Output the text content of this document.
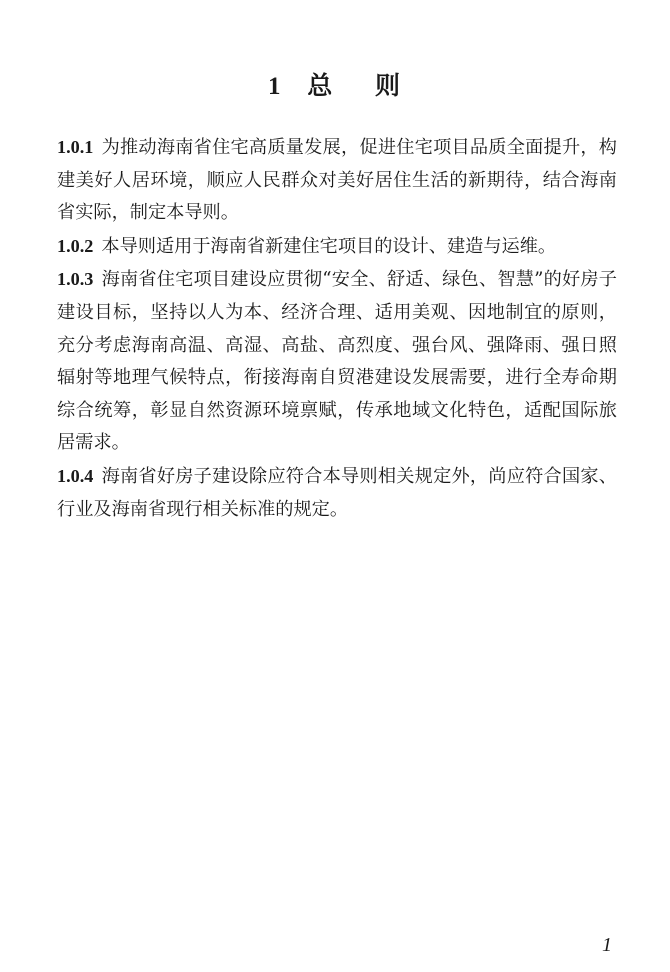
1 总 则

1.0.1 为推动海南省住宅高质量发展，促进住宅项目品质全面提升，构建美好人居环境，顺应人民群众对美好居住生活的新期待，结合海南省实际，制定本导则。

1.0.2 本导则适用于海南省新建住宅项目的设计、建造与运维。

1.0.3 海南省住宅项目建设应贯彻“安全、舒适、绿色、智慧”的好房子建设目标，坚持以人为本、经济合理、适用美观、因地制宜的原则，充分考虑海南高温、高湿、高盐、高烈度、强台风、强降雨、强日照辐射等地理气候特点，衔接海南自贸港建设发展需要，进行全寿命期综合统筹，彰显自然资源环境禀赋，传承地域文化特色，适配国际旅居需求。

1.0.4 海南省好房子建设除应符合本导则相关规定外，尚应符合国家、行业及海南省现行相关标准的规定。

1
